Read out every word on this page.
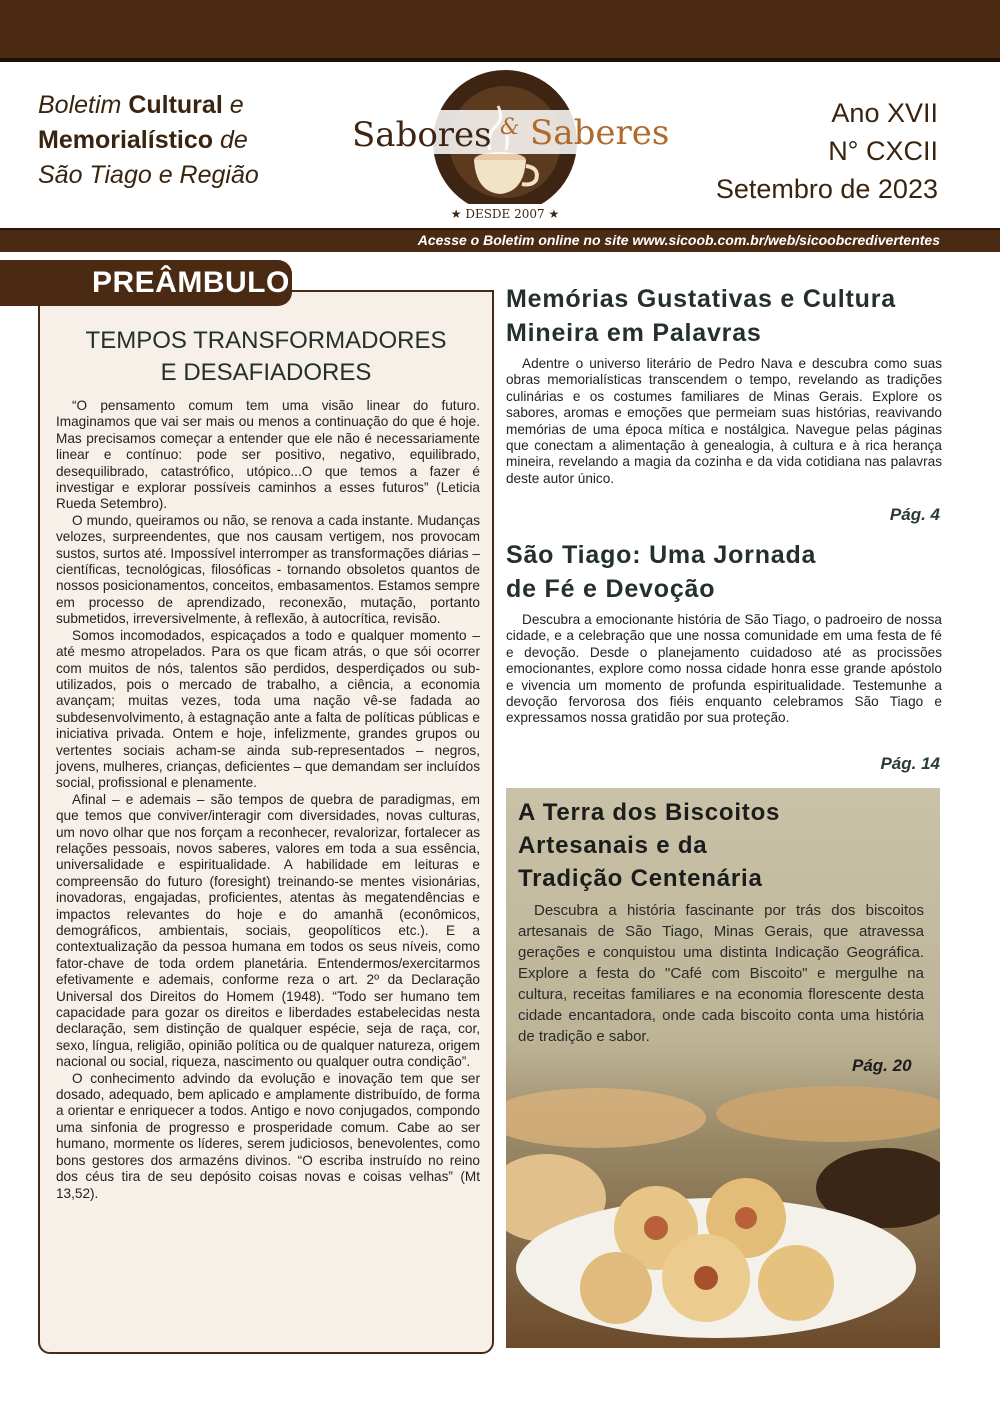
Boletim Cultural e
Memorialístico de
São Tiago e Região
Sabores & Saberes
★ DESDE 2007 ★
Ano XVII
N° CXCII
Setembro de 2023
Acesse o Boletim online no site www.sicoob.com.br/web/sicoobcredivertentes
PREÂMBULO
TEMPOS TRANSFORMADORES
E DESAFIADORES

“O pensamento comum tem uma visão linear do futuro. Imaginamos que vai ser mais ou menos a continuação do que é hoje. Mas precisamos começar a entender que ele não é necessariamente linear e contínuo: pode ser positivo, negativo, equilibrado, desequilibrado, catastrófico, utópico...O que temos a fazer é investigar e explorar possíveis caminhos a esses futuros” (Leticia Rueda Setembro).

O mundo, queiramos ou não, se renova a cada instante. Mudanças velozes, surpreendentes, que nos causam vertigem, nos provocam sustos, surtos até. Impossível interromper as transformações diárias – científicas, tecnológicas, filosóficas - tornando obsoletos quantos de nossos posicionamentos, conceitos, embasamentos. Estamos sempre em processo de aprendizado, reconexão, mutação, portanto submetidos, irreversivelmente, à reflexão, à autocrítica, revisão.

Somos incomodados, espicaçados a todo e qualquer momento – até mesmo atropelados. Para os que ficam atrás, o que sói ocorrer com muitos de nós, talentos são perdidos, desperdiçados ou sub-utilizados, pois o mercado de trabalho, a ciência, a economia avançam; muitas vezes, toda uma nação vê-se fadada ao subdesenvolvimento, à estagnação ante a falta de políticas públicas e iniciativa privada. Ontem e hoje, infelizmente, grandes grupos ou vertentes sociais acham-se ainda sub-representados – negros, jovens, mulheres, crianças, deficientes – que demandam ser incluídos social, profissional e plenamente.

Afinal – e ademais – são tempos de quebra de paradigmas, em que temos que conviver/interagir com diversidades, novas culturas, um novo olhar que nos forçam a reconhecer, revalorizar, fortalecer as relações pessoais, novos saberes, valores em toda a sua essência, universalidade e espiritualidade. A habilidade em leituras e compreensão do futuro (foresight) treinando-se mentes visionárias, inovadoras, engajadas, proficientes, atentas às megatendências e impactos relevantes do hoje e do amanhã (econômicos, demográficos, ambientais, sociais, geopolíticos etc.). E a contextualização da pessoa humana em todos os seus níveis, como fator-chave de toda ordem planetária. Entendermos/exercitarmos efetivamente e ademais, conforme reza o art. 2º da Declaração Universal dos Direitos do Homem (1948). “Todo ser humano tem capacidade para gozar os direitos e liberdades estabelecidas nesta declaração, sem distinção de qualquer espécie, seja de raça, cor, sexo, língua, religião, opinião política ou de qualquer natureza, origem nacional ou social, riqueza, nascimento ou qualquer outra condição”.

O conhecimento advindo da evolução e inovação tem que ser dosado, adequado, bem aplicado e amplamente distribuído, de forma a orientar e enriquecer a todos. Antigo e novo conjugados, compondo uma sinfonia de progresso e prosperidade comum. Cabe ao ser humano, mormente os líderes, serem judiciosos, benevolentes, como bons gestores dos armazéns divinos. “O escriba instruído no reino dos céus tira de seu depósito coisas novas e coisas velhas” (Mt 13,52).

Memórias Gustativas e Cultura
Mineira em Palavras

Adentre o universo literário de Pedro Nava e descubra como suas obras memorialísticas transcendem o tempo, revelando as tradições culinárias e os costumes familiares de Minas Gerais. Explore os sabores, aromas e emoções que permeiam suas histórias, reavivando memórias de uma época mítica e nostálgica. Navegue pelas páginas que conectam a alimentação à genealogia, à cultura e à rica herança mineira, revelando a magia da cozinha e da vida cotidiana nas palavras deste autor único.

Pág. 4
São Tiago: Uma Jornada
de Fé e Devoção

Descubra a emocionante história de São Tiago, o padroeiro de nossa cidade, e a celebração que une nossa comunidade em uma festa de fé e devoção. Desde o planejamento cuidadoso até as procissões emocionantes, explore como nossa cidade honra esse grande apóstolo e vivencia um momento de profunda espiritualidade. Testemunhe a devoção fervorosa dos fiéis enquanto celebramos São Tiago e expressamos nossa gratidão por sua proteção.

Pág. 14
A Terra dos Biscoitos
Artesanais e da
Tradição Centenária

Descubra a história fascinante por trás dos biscoitos artesanais de São Tiago, Minas Gerais, que atravessa gerações e conquistou uma distinta Indicação Geográfica. Explore a festa do "Café com Biscoito" e mergulhe na cultura, receitas familiares e na economia florescente desta cidade encantadora, onde cada biscoito conta uma história de tradição e sabor.

Pág. 20
